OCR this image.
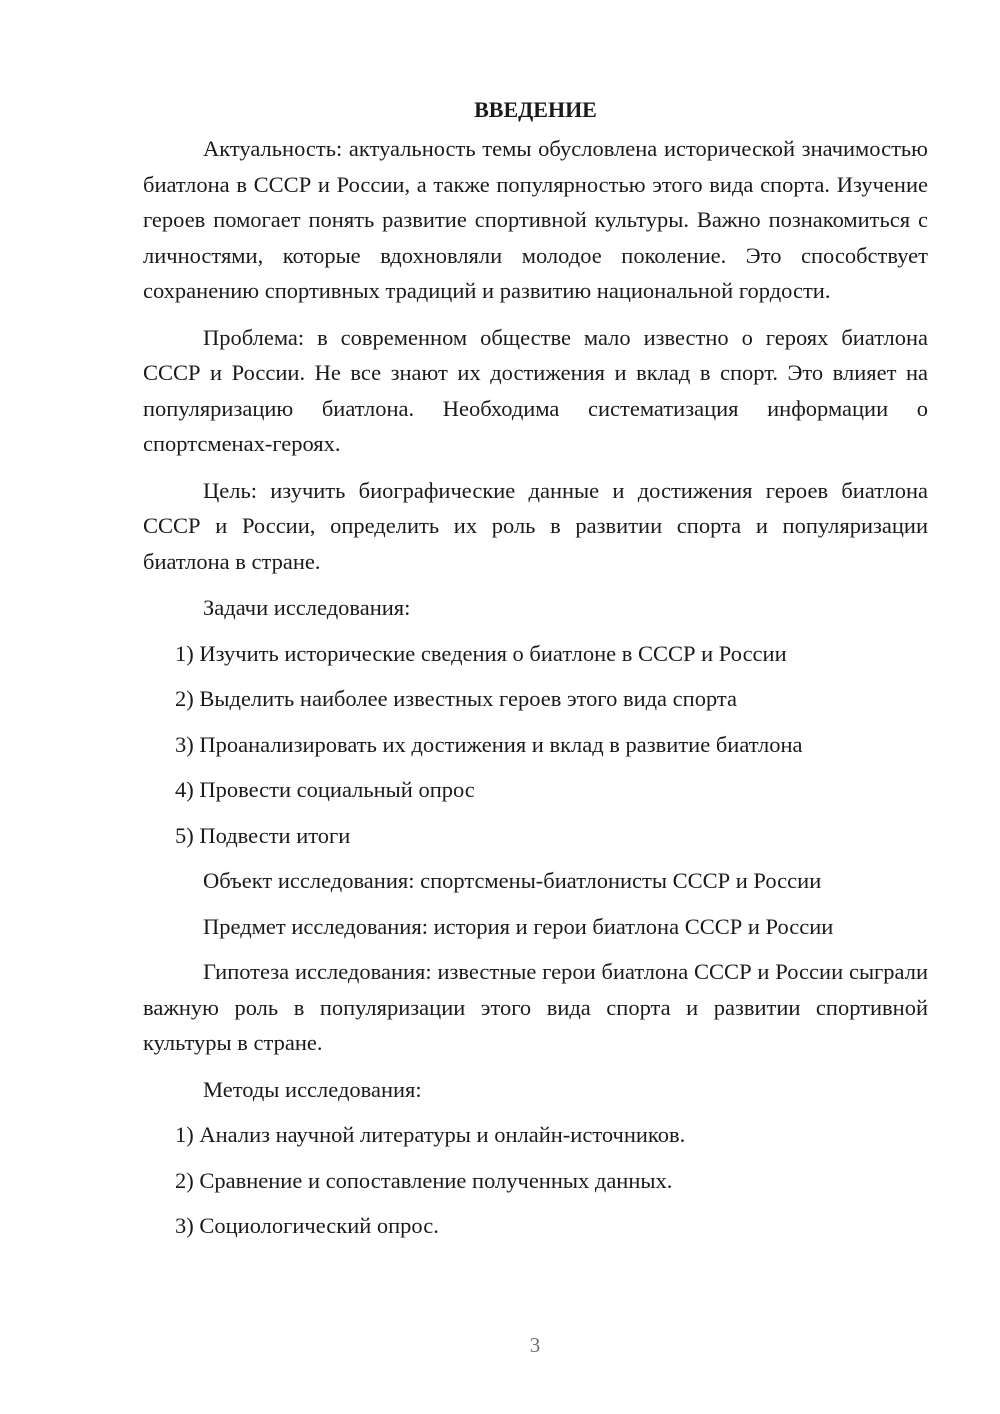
ВВЕДЕНИЕ

Актуальность: актуальность темы обусловлена исторической значимостью биатлона в СССР и России, а также популярностью этого вида спорта. Изучение героев помогает понять развитие спортивной культуры. Важно познакомиться с личностями, которые вдохновляли молодое поколение. Это способствует сохранению спортивных традиций и развитию национальной гордости.

Проблема: в современном обществе мало известно о героях биатлона СССР и России. Не все знают их достижения и вклад в спорт. Это влияет на популяризацию биатлона. Необходима систематизация информации о спортсменах-героях.

Цель: изучить биографические данные и достижения героев биатлона СССР и России, определить их роль в развитии спорта и популяризации биатлона в стране.

Задачи исследования:
1) Изучить исторические сведения о биатлоне в СССР и России
2) Выделить наиболее известных героев этого вида спорта
3) Проанализировать их достижения и вклад в развитие биатлона
4) Провести социальный опрос
5) Подвести итоги
Объект исследования: спортсмены-биатлонисты СССР и России
Предмет исследования: история и герои биатлона СССР и России

Гипотеза исследования: известные герои биатлона СССР и России сыграли важную роль в популяризации этого вида спорта и развитии спортивной культуры в стране.

Методы исследования:
1) Анализ научной литературы и онлайн-источников.
2) Сравнение и сопоставление полученных данных.
3) Социологический опрос.
3
